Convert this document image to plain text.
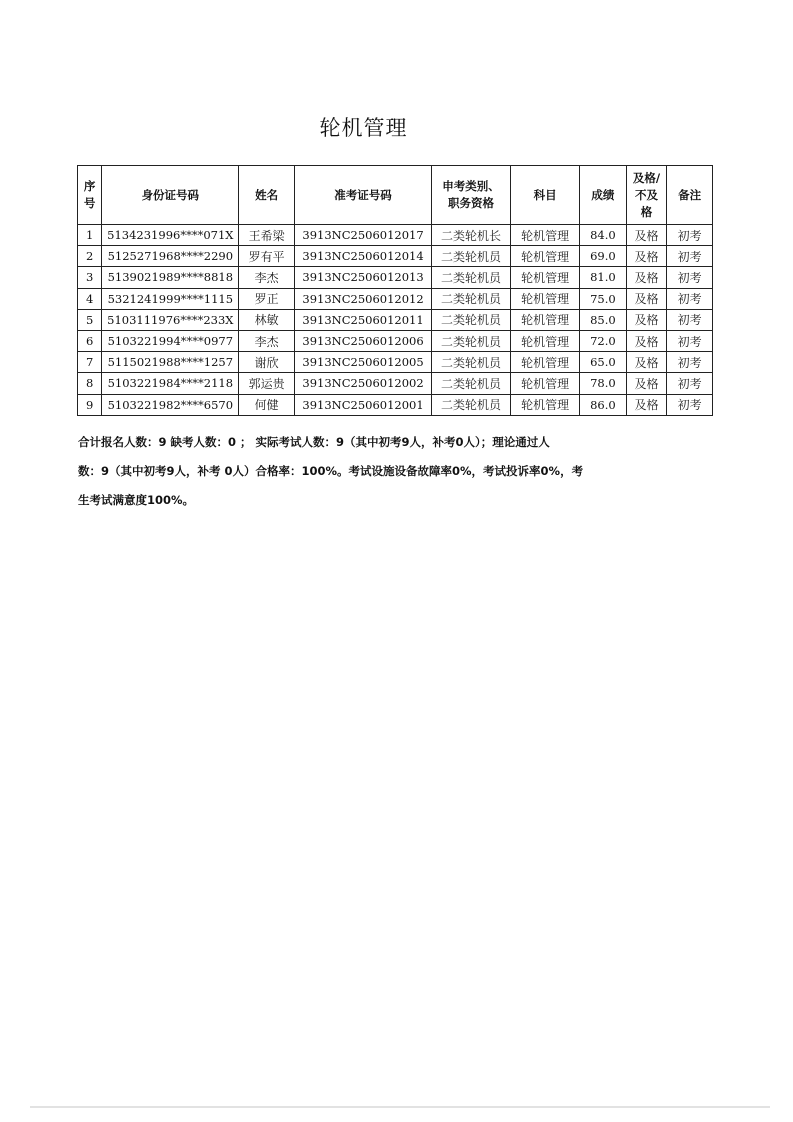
轮机管理
序号	身份证号码	姓名	准考证号码	申考类别、职务资格	科目	成绩	及格/不及格	备注
1	5134231996****071X	王希梁	3913NC2506012017	二类轮机长	轮机管理	84.0	及格	初考
2	5125271968****2290	罗有平	3913NC2506012014	二类轮机员	轮机管理	69.0	及格	初考
3	5139021989****8818	李杰	3913NC2506012013	二类轮机员	轮机管理	81.0	及格	初考
4	5321241999****1115	罗正	3913NC2506012012	二类轮机员	轮机管理	75.0	及格	初考
5	5103111976****233X	林敏	3913NC2506012011	二类轮机员	轮机管理	85.0	及格	初考
6	5103221994****0977	李杰	3913NC2506012006	二类轮机员	轮机管理	72.0	及格	初考
7	5115021988****1257	谢欣	3913NC2506012005	二类轮机员	轮机管理	65.0	及格	初考
8	5103221984****2118	郭运贵	3913NC2506012002	二类轮机员	轮机管理	78.0	及格	初考
9	5103221982****6570	何健	3913NC2506012001	二类轮机员	轮机管理	86.0	及格	初考

合计报名人数：9 缺考人数：0 ； 实际考试人数：9（其中初考9人，补考0人）；理论通过人

数：9（其中初考9人，补考 0人）合格率：100%。考试设施设备故障率0%，考试投诉率0%，考

生考试满意度100%。
